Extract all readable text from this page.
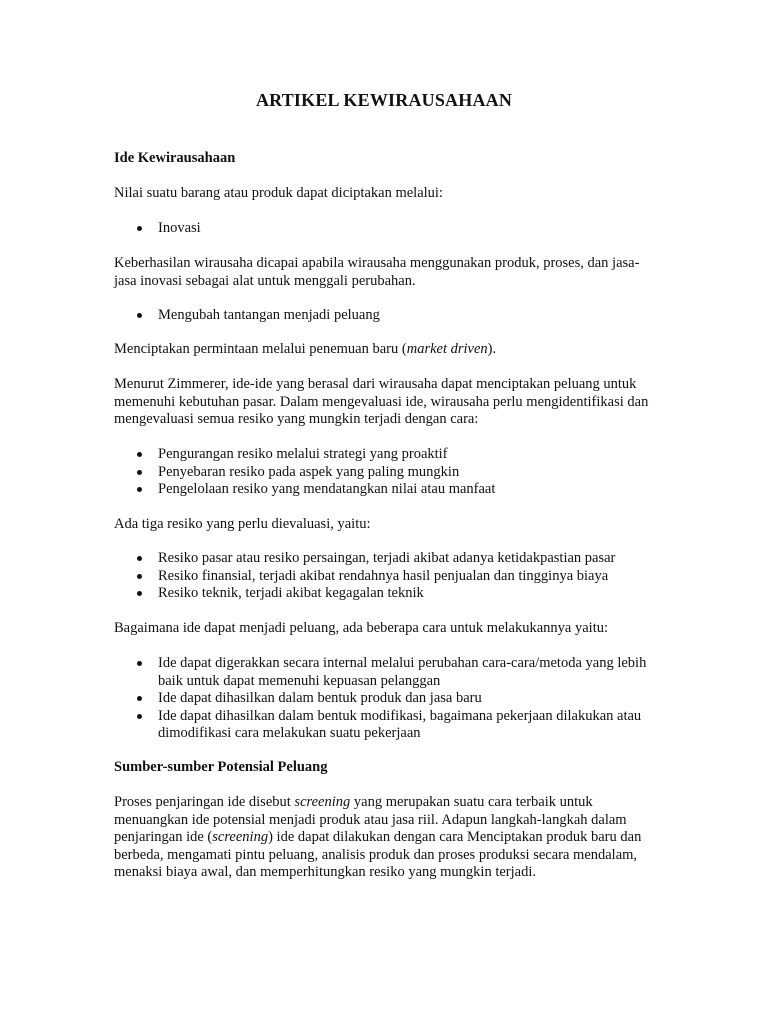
ARTIKEL KEWIRAUSAHAAN

Ide Kewirausahaan

Nilai suatu barang atau produk dapat diciptakan melalui:

Inovasi

Keberhasilan wirausaha dicapai apabila wirausaha menggunakan produk, proses, dan jasa-jasa inovasi sebagai alat untuk menggali perubahan.

Mengubah tantangan menjadi peluang

Menciptakan permintaan melalui penemuan baru (market driven).

Menurut Zimmerer, ide-ide yang berasal dari wirausaha dapat menciptakan peluang untuk memenuhi kebutuhan pasar. Dalam mengevaluasi ide, wirausaha perlu mengidentifikasi dan mengevaluasi semua resiko yang mungkin terjadi dengan cara:

Pengurangan resiko melalui strategi yang proaktif
Penyebaran resiko pada aspek yang paling mungkin
Pengelolaan resiko yang mendatangkan nilai atau manfaat

Ada tiga resiko yang perlu dievaluasi, yaitu:

Resiko pasar atau resiko persaingan, terjadi akibat adanya ketidakpastian pasar
Resiko finansial, terjadi akibat rendahnya hasil penjualan dan tingginya biaya
Resiko teknik, terjadi akibat kegagalan teknik

Bagaimana ide dapat menjadi peluang, ada beberapa cara untuk melakukannya yaitu:

Ide dapat digerakkan secara internal melalui perubahan cara-cara/metoda yang lebih baik untuk dapat memenuhi kepuasan pelanggan
Ide dapat dihasilkan dalam bentuk produk dan jasa baru
Ide dapat dihasilkan dalam bentuk modifikasi, bagaimana pekerjaan dilakukan atau dimodifikasi cara melakukan suatu pekerjaan

Sumber-sumber Potensial Peluang

Proses penjaringan ide disebut screening yang merupakan suatu cara terbaik untuk menuangkan ide potensial menjadi produk atau jasa riil. Adapun langkah-langkah dalam penjaringan ide (screening) ide dapat dilakukan dengan cara Menciptakan produk baru dan berbeda, mengamati pintu peluang, analisis produk dan proses produksi secara mendalam, menaksi biaya awal, dan memperhitungkan resiko yang mungkin terjadi.
